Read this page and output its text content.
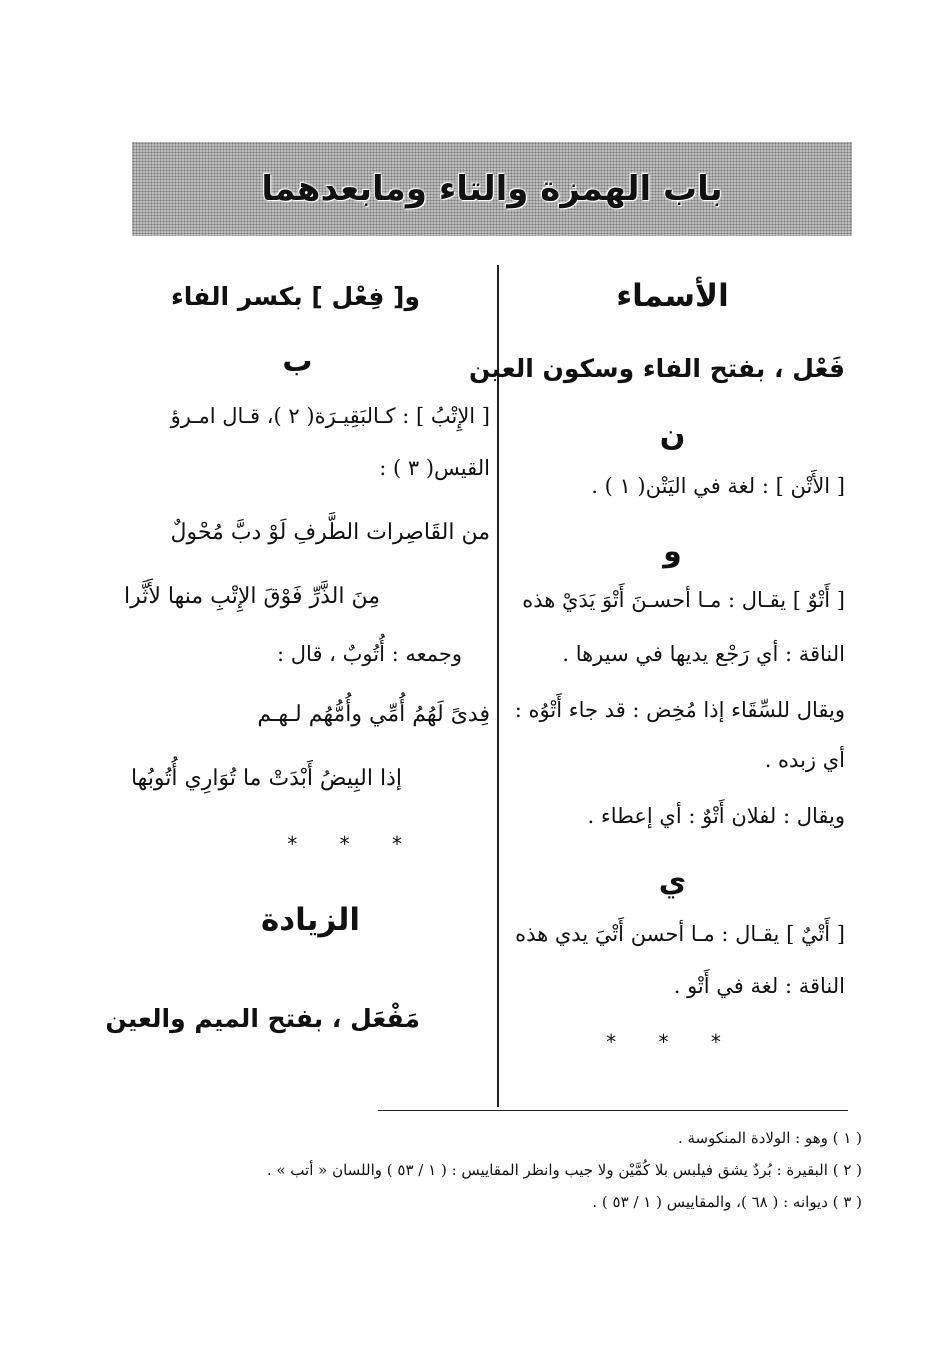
باب الهمزة والتاء ومابعدهما
الأسماء
فَعْل ، بفتح الفاء وسكون العين
ن
[ الأَتْن ] : لغة في اليَتْن( ١ ) .
و
[ أَتْوٌ ] يقـال : مـا أحسـنَ أَتْوَ يَدَيْ هذه
الناقة : أي رَجْع يديها في سيرها .
ويقال للسِّقَاء إذا مُخِض : قد جاء أَتْوُه :
أي زبده .
ويقال : لفلان أَتْوٌ : أي إعطاء .
ي
[ أَتْيٌ ] يقـال : مـا أحسن أَتْيَ يدي هذه
الناقة : لغة في أَتْو .
* * *
و[ فِعْل ] بكسر الفاء
ب
[ الإِتْبُ ] : كـالبَقِيـرَة( ٢ )، قـال امـرؤ
القيس( ٣ ) :
من القَاصِرات الطَّرفِ لَوْ دبَّ مُحْولٌ
مِنَ الذَّرِّ فَوْقَ الإِتْبِ منها لأَثَّرا
وجمعه : أُتُوبٌ ، قال :
فِدىً لَهُمُ أُمِّي وأُمُّهُم لـهـم
إذا البِيضُ أَبْدَتْ ما تُوَارِي أُتُوبُها
* * *
الزيادة
مَفْعَل ، بفتح الميم والعين
( ١ ) وهو : الولادة المنكوسة .
( ٢ ) البقيرة : بُردٌ يشق فيلبس بلا كُمَّيْن ولا جيب وانظر المقاييس : ( ١ / ٥٣ ) واللسان « أتب » .
( ٣ ) ديوانه : ( ٦٨ )، والمقاييس ( ١ / ٥٣ ) .
